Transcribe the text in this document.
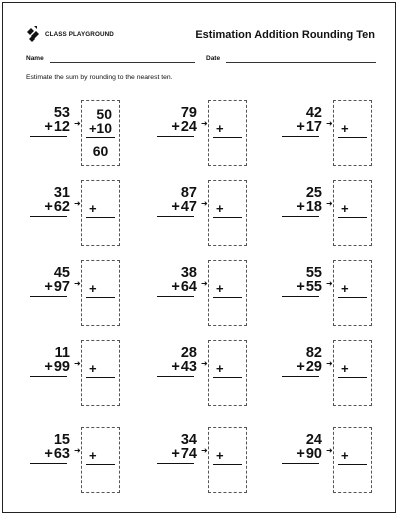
CLASS PLAYGROUND	Estimation Addition Rounding Ten
Name	Date
Estimate the sum by rounding to the nearest ten.
53
+12 ➜
50
+ 10
60
79
+24 ➜ +
42
+17 ➜ +
31
+62 ➜ +
87
+47 ➜ +
25
+18 ➜ +
45
+97 ➜ +
38
+64 ➜ +
55
+55 ➜ +
11
+99 ➜ +
28
+43 ➜ +
82
+29 ➜ +
15
+63 ➜ +
34
+74 ➜ +
24
+90 ➜ +
